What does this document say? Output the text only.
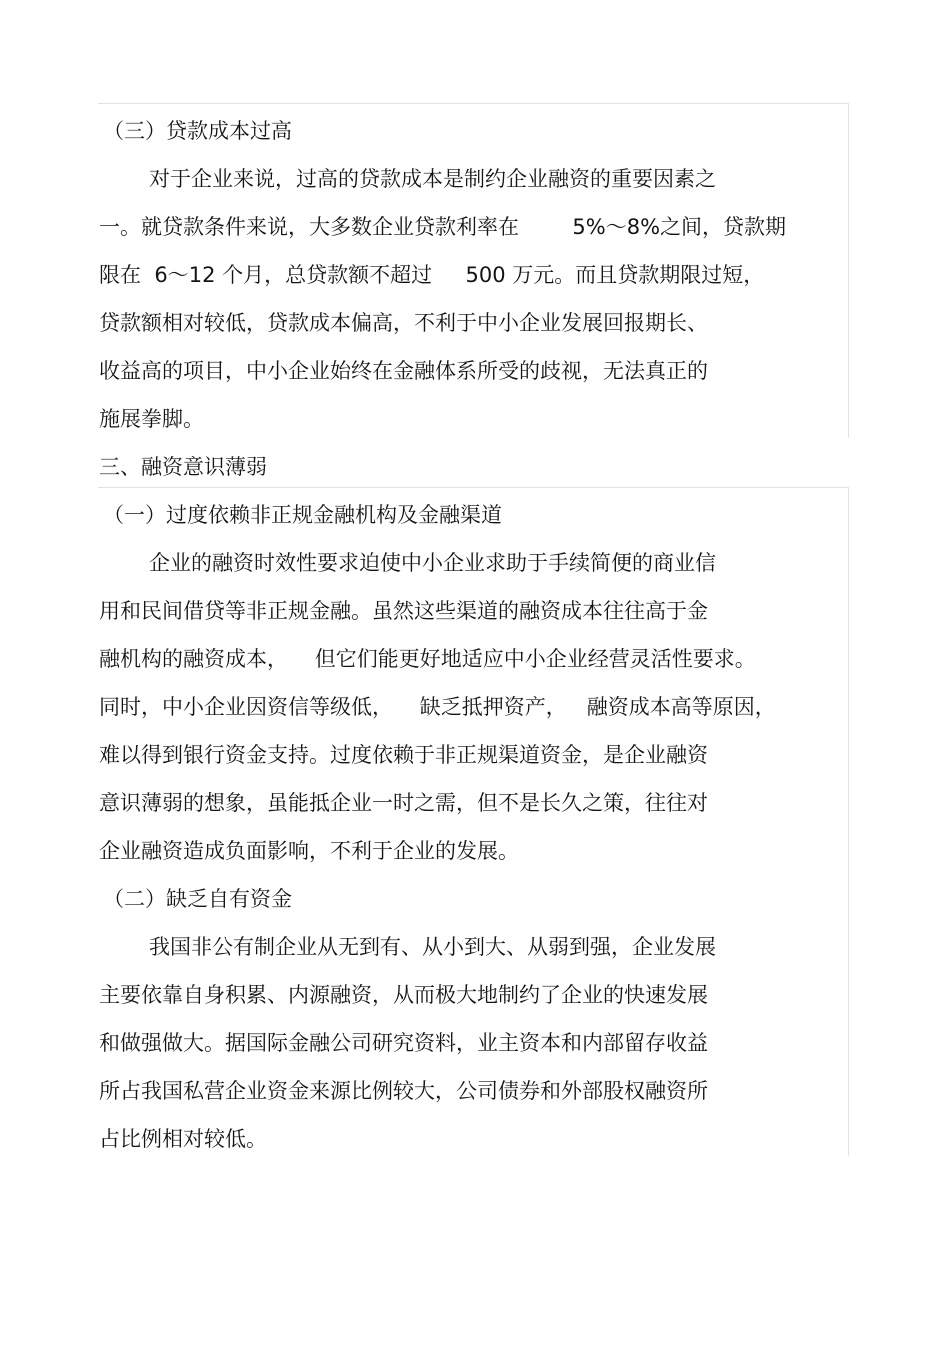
（三）贷款成本过高
对于企业来说，过高的贷款成本是制约企业融资的重要因素之
一。就贷款条件来说，大多数企业贷款利率在        5%～8%之间，贷款期
限在  6～12 个月，总贷款额不超过     500 万元。而且贷款期限过短，
贷款额相对较低，贷款成本偏高，不利于中小企业发展回报期长、
收益高的项目，中小企业始终在金融体系所受的歧视，无法真正的
施展拳脚。
三、融资意识薄弱
（一）过度依赖非正规金融机构及金融渠道
企业的融资时效性要求迫使中小企业求助于手续简便的商业信
用和民间借贷等非正规金融。虽然这些渠道的融资成本往往高于金
融机构的融资成本，    但它们能更好地适应中小企业经营灵活性要求。
同时，中小企业因资信等级低，    缺乏抵押资产，   融资成本高等原因，
难以得到银行资金支持。过度依赖于非正规渠道资金，是企业融资
意识薄弱的想象，虽能抵企业一时之需，但不是长久之策，往往对
企业融资造成负面影响，不利于企业的发展。
（二）缺乏自有资金
我国非公有制企业从无到有、从小到大、从弱到强，企业发展
主要依靠自身积累、内源融资，从而极大地制约了企业的快速发展
和做强做大。据国际金融公司研究资料，业主资本和内部留存收益
所占我国私营企业资金来源比例较大，公司债券和外部股权融资所
占比例相对较低。
